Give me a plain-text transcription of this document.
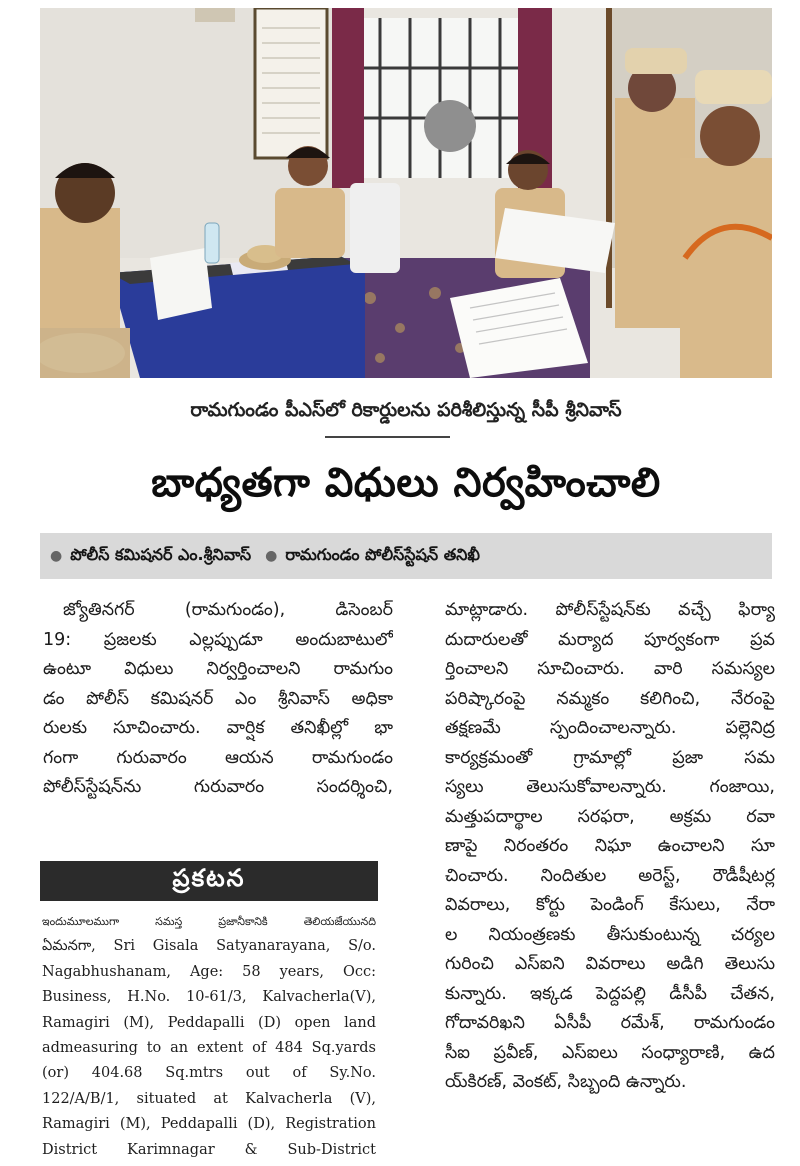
రామగుండం పీఎస్‌లో రికార్డులను పరిశీలిస్తున్న సీపీ శ్రీనివాస్
బాధ్యతగా విధులు నిర్వహించాలి
● పోలీస్ కమిషనర్ ఎం.శ్రీనివాస్ ● రామగుండం పోలీస్‌స్టేషన్ తనిఖీ
జ్యోతినగర్ (రామగుండం), డిసెంబర్
19: ప్రజలకు ఎల్లప్పుడూ అందుబాటులో
ఉంటూ విధులు నిర్వర్తించాలని రామగుం
డం పోలీస్ కమిషనర్ ఎం శ్రీనివాస్ అధికా
రులకు సూచించారు. వార్షిక తనిఖీల్లో భా
గంగా గురువారం ఆయన రామగుండం
పోలీస్‌స్టేషన్‌ను గురువారం సందర్శించి,
ప్రకటన
ఇందుమూలముగా సమస్త ప్రజానీకానికి తెలియజేయునది
ఏమనగా, Sri Gisala Satyanarayana, S/o.
Nagabhushanam, Age: 58 years, Occ:
Business, H.No. 10-61/3, Kalvacherla(V),
Ramagiri (M), Peddapalli (D) open land
admeasuring to an extent of 484 Sq.yards
(or) 404.68 Sq.mtrs out of Sy.No.
122/A/B/1, situated at Kalvacherla (V),
Ramagiri (M), Peddapalli (D), Registration
District Karimnagar & Sub-District
మాట్లాడారు. పోలీస్‌స్టేషన్‌కు వచ్చే ఫిర్యా
దుదారులతో మర్యాద పూర్వకంగా ప్రవ
ర్తించాలని సూచించారు. వారి సమస్యల
పరిష్కారంపై నమ్మకం కలిగించి, నేరంపై
తక్షణమే స్పందించాలన్నారు. పల్లెనిద్ర
కార్యక్రమంతో గ్రామాల్లో ప్రజా సమ
స్యలు తెలుసుకోవాలన్నారు. గంజాయి,
మత్తుపదార్థాల సరఫరా, అక్రమ రవా
ణాపై నిరంతరం నిఘా ఉంచాలని సూ
చించారు. నిందితుల అరెస్ట్, రౌడీషీటర్ల
వివరాలు, కోర్టు పెండింగ్ కేసులు, నేరా
ల నియంత్రణకు తీసుకుంటున్న చర్యల
గురించి ఎస్ఐని వివరాలు అడిగి తెలుసు
కున్నారు. ఇక్కడ పెద్దపల్లి డీసీపీ చేతన,
గోదావరిఖని ఏసీపీ రమేశ్, రామగుండం
సీఐ ప్రవీణ్, ఎస్ఐలు సంధ్యారాణి, ఉద
య్‌కిరణ్, వెంకట్, సిబ్బంది ఉన్నారు.
